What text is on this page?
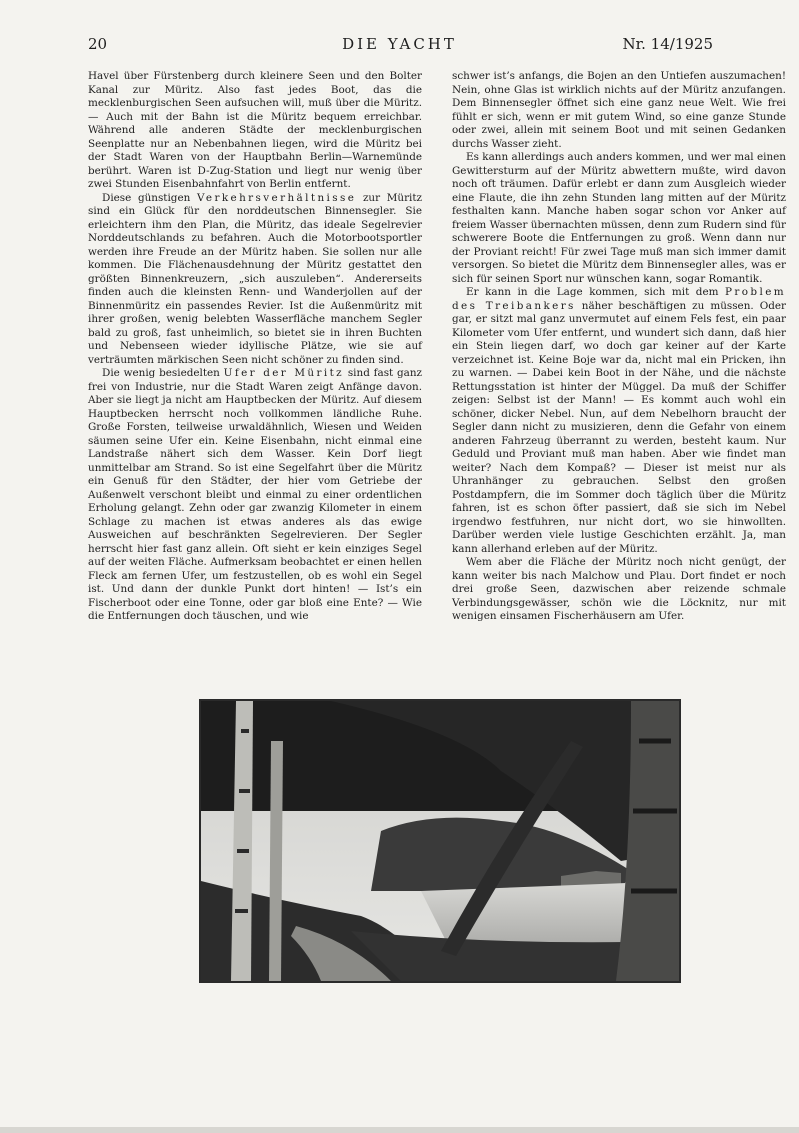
20	DIE YACHT	Nr. 14/1925

Havel über Fürstenberg durch kleinere Seen und den Bolter Kanal zur Müritz. Also fast jedes Boot, das die mecklenburgischen Seen aufsuchen will, muß über die Müritz. — Auch mit der Bahn ist die Müritz bequem erreichbar. Während alle anderen Städte der mecklenburgischen Seenplatte nur an Nebenbahnen liegen, wird die Müritz bei der Stadt Waren von der Hauptbahn Berlin—Warnemünde berührt. Waren ist D-Zug-Station und liegt nur wenig über zwei Stunden Eisenbahnfahrt von Berlin entfernt.

Diese günstigen Verkehrsverhältnisse zur Müritz sind ein Glück für den norddeutschen Binnensegler. Sie erleichtern ihm den Plan, die Müritz, das ideale Segelrevier Norddeutschlands zu befahren. Auch die Motorbootsportler werden ihre Freude an der Müritz haben. Sie sollen nur alle kommen. Die Flächenausdehnung der Müritz gestattet den größten Binnenkreuzern, „sich auszuleben“. Andererseits finden auch die kleinsten Renn- und Wanderjollen auf der Binnenmüritz ein passendes Revier. Ist die Außenmüritz mit ihrer großen, wenig belebten Wasserfläche manchem Segler bald zu groß, fast unheimlich, so bietet sie in ihren Buchten und Nebenseen wieder idyllische Plätze, wie sie auf verträumten märkischen Seen nicht schöner zu finden sind.

Die wenig besiedelten Ufer der Müritz sind fast ganz frei von Industrie, nur die Stadt Waren zeigt Anfänge davon. Aber sie liegt ja nicht am Hauptbecken der Müritz. Auf diesem Hauptbecken herrscht noch vollkommen ländliche Ruhe. Große Forsten, teilweise urwaldähnlich, Wiesen und Weiden säumen seine Ufer ein. Keine Eisenbahn, nicht einmal eine Landstraße nähert sich dem Wasser. Kein Dorf liegt unmittelbar am Strand. So ist eine Segelfahrt über die Müritz ein Genuß für den Städter, der hier vom Getriebe der Außenwelt verschont bleibt und einmal zu einer ordentlichen Erholung gelangt. Zehn oder gar zwanzig Kilometer in einem Schlage zu machen ist etwas anderes als das ewige Ausweichen auf beschränkten Segelrevieren. Der Segler herrscht hier fast ganz allein. Oft sieht er kein einziges Segel auf der weiten Fläche. Aufmerksam beobachtet er einen hellen Fleck am fernen Ufer, um festzustellen, ob es wohl ein Segel ist. Und dann der dunkle Punkt dort hinten! — Ist’s ein Fischerboot oder eine Tonne, oder gar bloß eine Ente? — Wie die Entfernungen doch täuschen, und wie

schwer ist’s anfangs, die Bojen an den Untiefen auszumachen! Nein, ohne Glas ist wirklich nichts auf der Müritz anzufangen. Dem Binnensegler öffnet sich eine ganz neue Welt. Wie frei fühlt er sich, wenn er mit gutem Wind, so eine ganze Stunde oder zwei, allein mit seinem Boot und mit seinen Gedanken durchs Wasser zieht.

Es kann allerdings auch anders kommen, und wer mal einen Gewittersturm auf der Müritz abwettern mußte, wird davon noch oft träumen. Dafür erlebt er dann zum Ausgleich wieder eine Flaute, die ihn zehn Stunden lang mitten auf der Müritz festhalten kann. Manche haben sogar schon vor Anker auf freiem Wasser übernachten müssen, denn zum Rudern sind für schwerere Boote die Entfernungen zu groß. Wenn dann nur der Proviant reicht! Für zwei Tage muß man sich immer damit versorgen. So bietet die Müritz dem Binnensegler alles, was er sich für seinen Sport nur wünschen kann, sogar Romantik.

Er kann in die Lage kommen, sich mit dem Problem des Treibankers näher beschäftigen zu müssen. Oder gar, er sitzt mal ganz unvermutet auf einem Fels fest, ein paar Kilometer vom Ufer entfernt, und wundert sich dann, daß hier ein Stein liegen darf, wo doch gar keiner auf der Karte verzeichnet ist. Keine Boje war da, nicht mal ein Pricken, ihn zu warnen. — Dabei kein Boot in der Nähe, und die nächste Rettungsstation ist hinter der Müggel. Da muß der Schiffer zeigen: Selbst ist der Mann! — Es kommt auch wohl ein schöner, dicker Nebel. Nun, auf dem Nebelhorn braucht der Segler dann nicht zu musizieren, denn die Gefahr von einem anderen Fahrzeug überrannt zu werden, besteht kaum. Nur Geduld und Proviant muß man haben. Aber wie findet man weiter? Nach dem Kompaß? — Dieser ist meist nur als Uhranhänger zu gebrauchen. Selbst den großen Postdampfern, die im Sommer doch täglich über die Müritz fahren, ist es schon öfter passiert, daß sie sich im Nebel irgendwo festfuhren, nur nicht dort, wo sie hinwollten. Darüber werden viele lustige Geschichten erzählt. Ja, man kann allerhand erleben auf der Müritz.

Wem aber die Fläche der Müritz noch nicht genügt, der kann weiter bis nach Malchow und Plau. Dort findet er noch drei große Seen, dazwischen aber reizende schmale Verbindungsgewässer, schön wie die Löcknitz, nur mit wenigen einsamen Fischerhäusern am Ufer.
